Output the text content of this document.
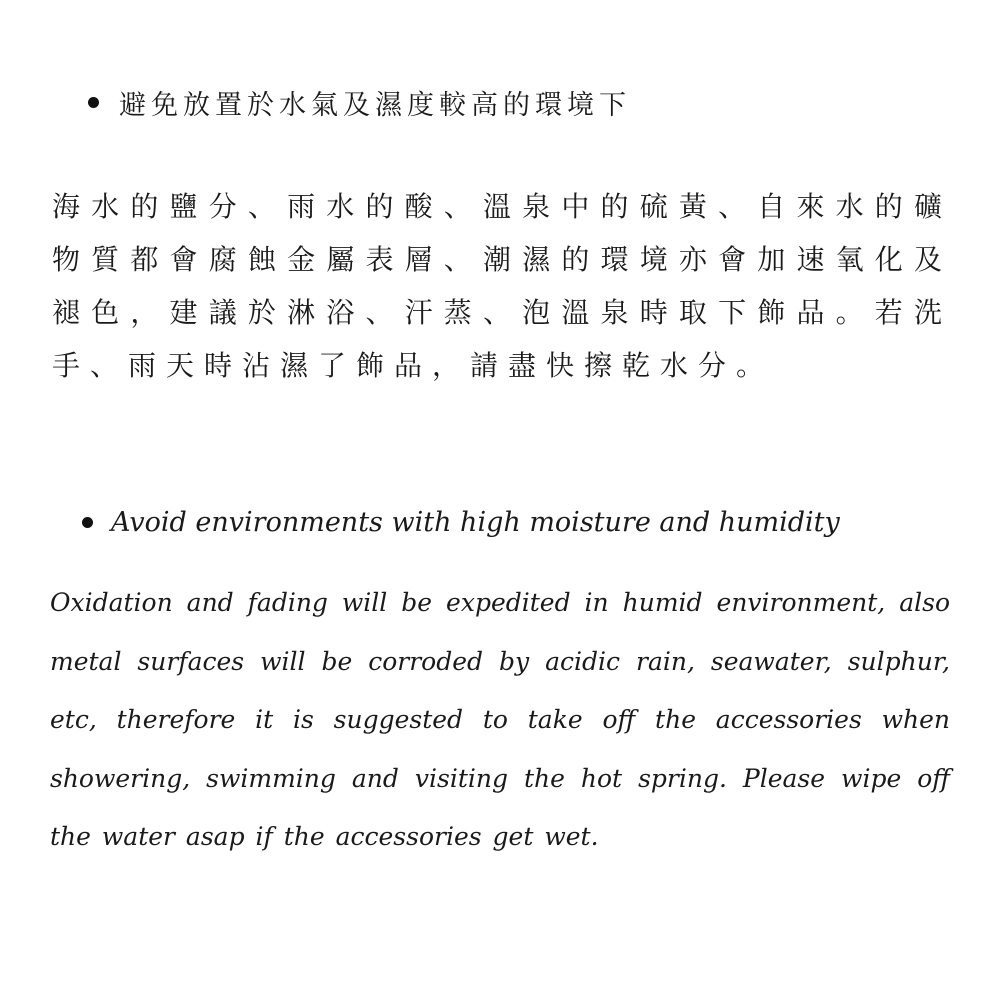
避免放置於水氣及濕度較高的環境下

海水的鹽分、雨水的酸、溫泉中的硫黃、自來水的礦物質都會腐蝕金屬表層、潮濕的環境亦會加速氧化及褪色，建議於淋浴、汗蒸、泡溫泉時取下飾品。若洗手、雨天時沾濕了飾品，請盡快擦乾水分。

Avoid environments with high moisture and humidity

Oxidation and fading will be expedited in humid environment, also metal surfaces will be corroded by acidic rain, seawater, sulphur, etc, therefore it is suggested to take off the accessories when showering, swimming and visiting the hot spring. Please wipe off the water asap if the accessories get wet.
